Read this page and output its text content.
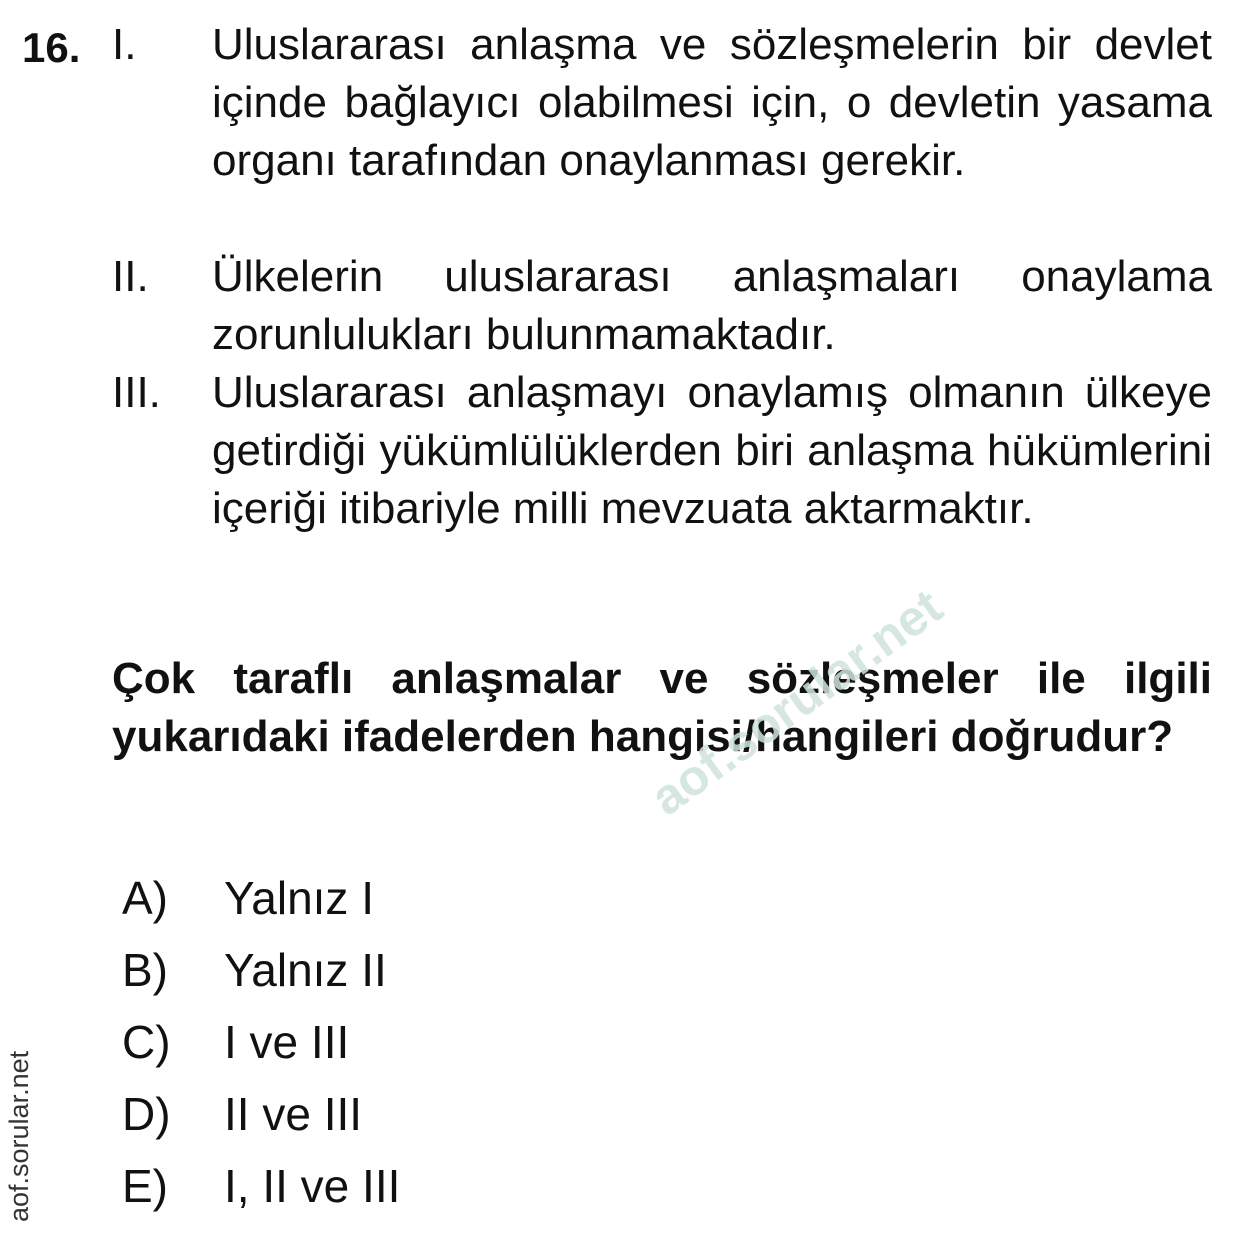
16. I. Uluslararası anlaşma ve sözleşmelerin bir devlet içinde bağlayıcı olabilmesi için, o devletin yasama organı tarafından onaylanması gerekir.
II. Ülkelerin uluslararası anlaşmaları onaylama zorunlulukları bulunmamaktadır.
III. Uluslararası anlaşmayı onaylamış olmanın ülkeye getirdiği yükümlülüklerden biri anlaşma hükümlerini içeriği itibariyle milli mevzuata aktarmaktır.
Çok taraflı anlaşmalar ve sözleşmeler ile ilgili yukarıdaki ifadelerden hangisi/hangileri doğrudur?
A) Yalnız I
B) Yalnız II
C) I ve III
D) II ve III
E) I, II ve III
aof.sorular.net
aof.sorular.net
